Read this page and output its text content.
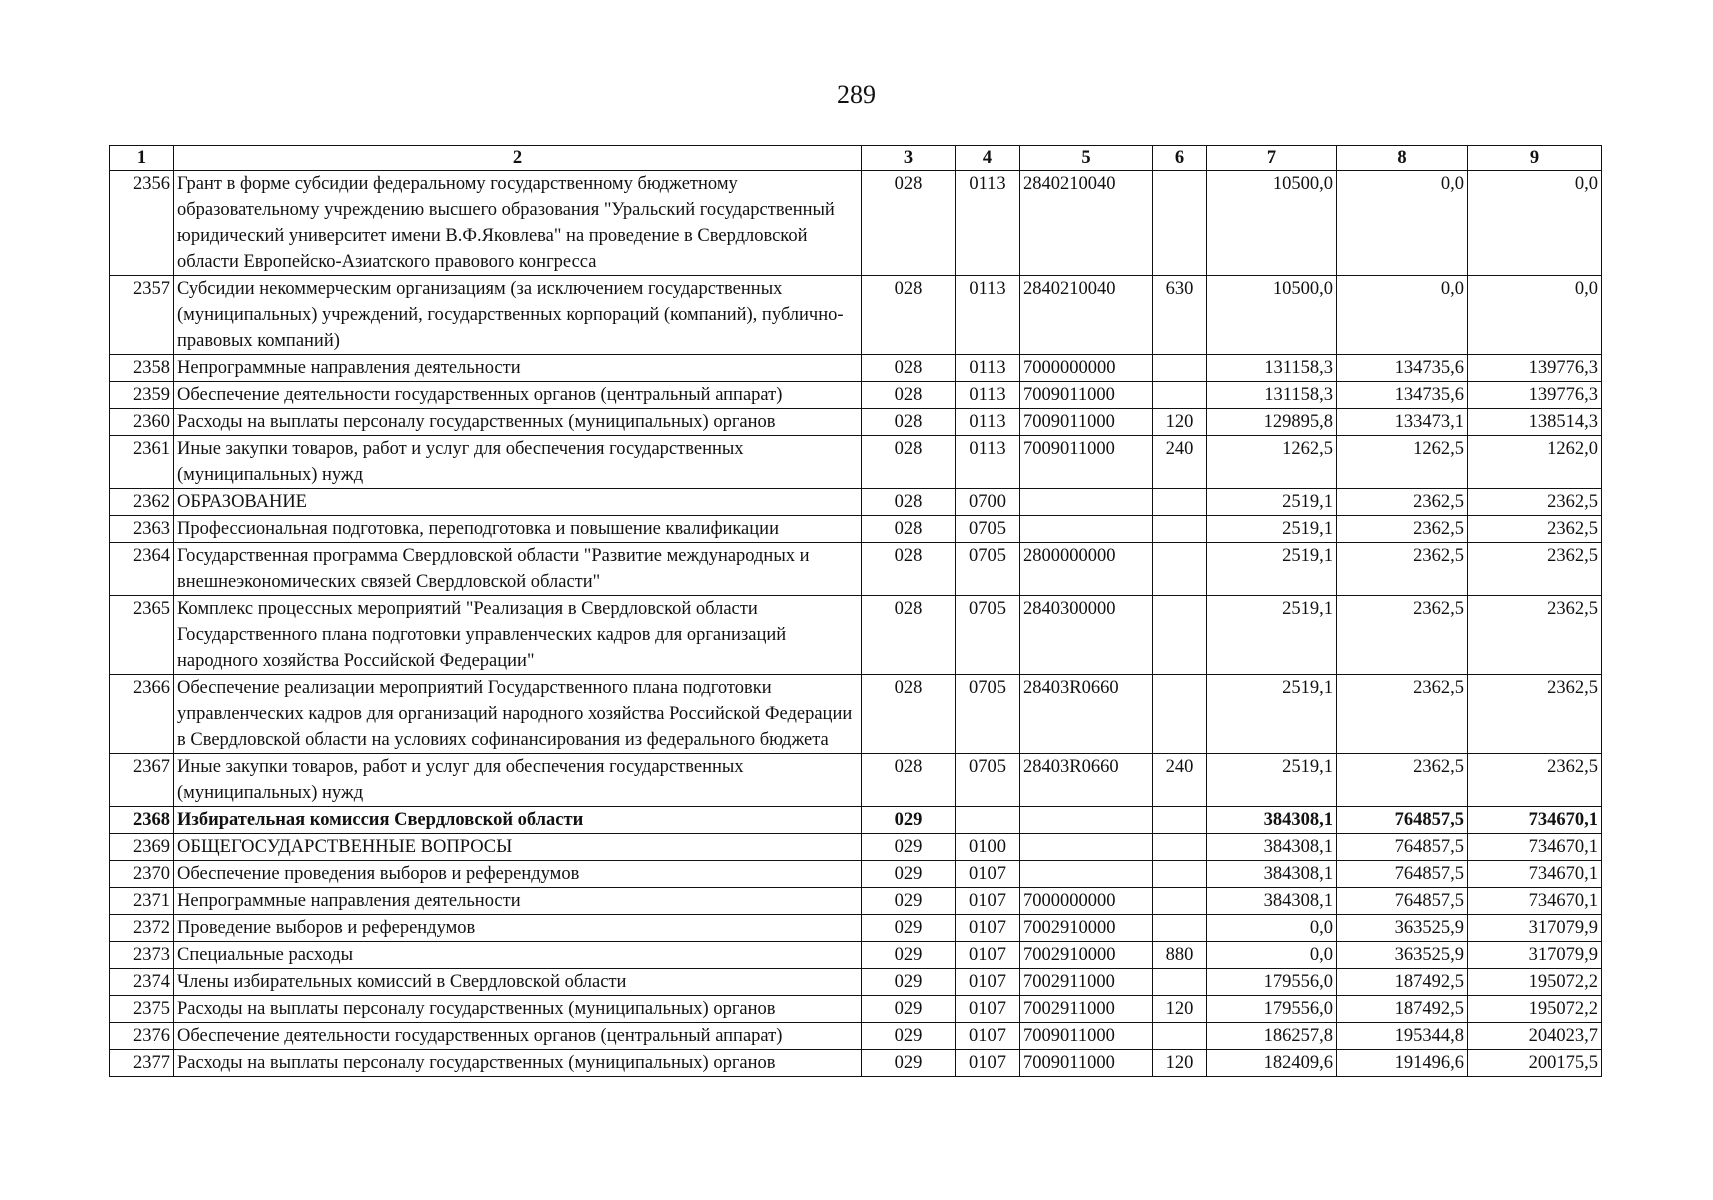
289
1	2	3	4	5	6	7	8	9
2356	Грант в форме субсидии федеральному государственному бюджетному образовательному учреждению высшего образования "Уральский государственный юридический университет имени В.Ф.Яковлева" на проведение в Свердловской области Европейско-Азиатского правового конгресса	028	0113	2840210040		10500,0	0,0	0,0
2357	Субсидии некоммерческим организациям (за исключением государственных (муниципальных) учреждений, государственных корпораций (компаний), публично-правовых компаний)	028	0113	2840210040	630	10500,0	0,0	0,0
2358	Непрограммные направления деятельности	028	0113	7000000000		131158,3	134735,6	139776,3
2359	Обеспечение деятельности государственных органов (центральный аппарат)	028	0113	7009011000		131158,3	134735,6	139776,3
2360	Расходы на выплаты персоналу государственных (муниципальных) органов	028	0113	7009011000	120	129895,8	133473,1	138514,3
2361	Иные закупки товаров, работ и услуг для обеспечения государственных (муниципальных) нужд	028	0113	7009011000	240	1262,5	1262,5	1262,0
2362	ОБРАЗОВАНИЕ	028	0700			2519,1	2362,5	2362,5
2363	Профессиональная подготовка, переподготовка и повышение квалификации	028	0705			2519,1	2362,5	2362,5
2364	Государственная программа Свердловской области "Развитие международных и внешнеэкономических связей Свердловской области"	028	0705	2800000000		2519,1	2362,5	2362,5
2365	Комплекс процессных мероприятий "Реализация в Свердловской области Государственного плана подготовки управленческих кадров для организаций народного хозяйства Российской Федерации"	028	0705	2840300000		2519,1	2362,5	2362,5
2366	Обеспечение реализации мероприятий Государственного плана подготовки управленческих кадров для организаций народного хозяйства Российской Федерации в Свердловской области на условиях софинансирования из федерального бюджета	028	0705	28403R0660		2519,1	2362,5	2362,5
2367	Иные закупки товаров, работ и услуг для обеспечения государственных (муниципальных) нужд	028	0705	28403R0660	240	2519,1	2362,5	2362,5
2368	Избирательная комиссия Свердловской области	029				384308,1	764857,5	734670,1
2369	ОБЩЕГОСУДАРСТВЕННЫЕ ВОПРОСЫ	029	0100			384308,1	764857,5	734670,1
2370	Обеспечение проведения выборов и референдумов	029	0107			384308,1	764857,5	734670,1
2371	Непрограммные направления деятельности	029	0107	7000000000		384308,1	764857,5	734670,1
2372	Проведение выборов и референдумов	029	0107	7002910000		0,0	363525,9	317079,9
2373	Специальные расходы	029	0107	7002910000	880	0,0	363525,9	317079,9
2374	Члены избирательных комиссий в Свердловской области	029	0107	7002911000		179556,0	187492,5	195072,2
2375	Расходы на выплаты персоналу государственных (муниципальных) органов	029	0107	7002911000	120	179556,0	187492,5	195072,2
2376	Обеспечение деятельности государственных органов (центральный аппарат)	029	0107	7009011000		186257,8	195344,8	204023,7
2377	Расходы на выплаты персоналу государственных (муниципальных) органов	029	0107	7009011000	120	182409,6	191496,6	200175,5
